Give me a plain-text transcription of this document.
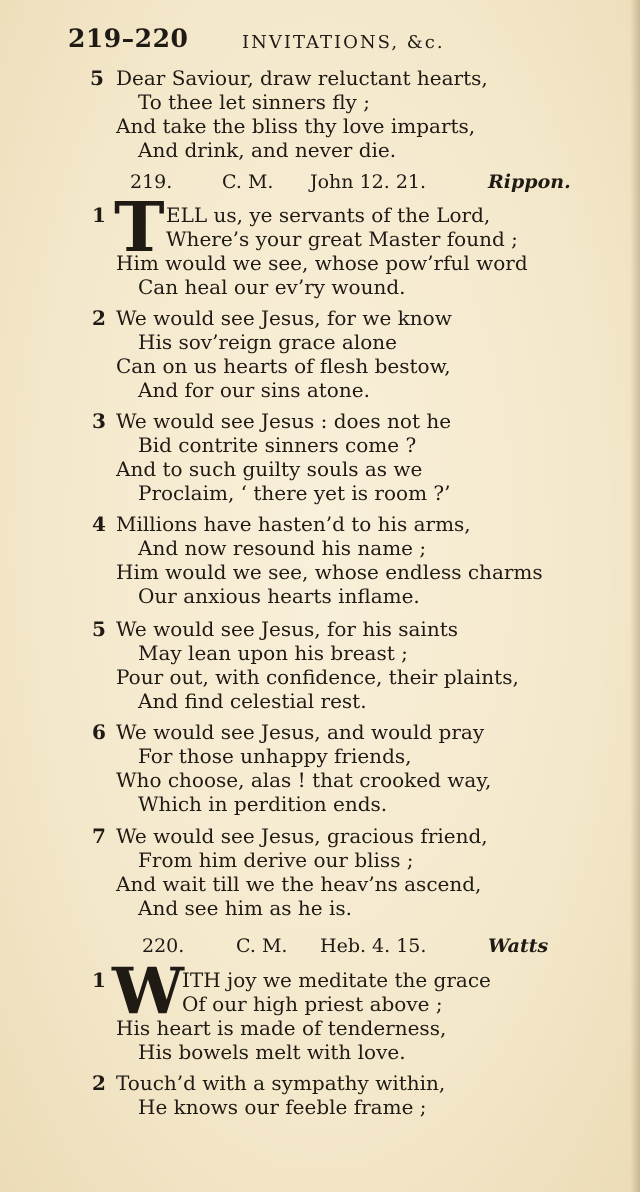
219–220	INVITATIONS, &c.
5 Dear Saviour, draw reluctant hearts,
To thee let sinners fly ;
And take the bliss thy love imparts,
And drink, and never die.
219.	C. M. John 12. 21.	Rippon.
1 T ELL us, ye servants of the Lord,
Where’s your great Master found ;
Him would we see, whose pow’rful word
Can heal our ev’ry wound.
2 We would see Jesus, for we know
His sov’reign grace alone
Can on us hearts of flesh bestow,
And for our sins atone.
3 We would see Jesus : does not he
Bid contrite sinners come ?
And to such guilty souls as we
Proclaim, ‘ there yet is room ?’
4 Millions have hasten’d to his arms,
And now resound his name ;
Him would we see, whose endless charms
Our anxious hearts inflame.
5 We would see Jesus, for his saints
May lean upon his breast ;
Pour out, with confidence, their plaints,
And find celestial rest.
6 We would see Jesus, and would pray
For those unhappy friends,
Who choose, alas ! that crooked way,
Which in perdition ends.
7 We would see Jesus, gracious friend,
From him derive our bliss ;
And wait till we the heav’ns ascend,
And see him as he is.
220.	C. M. Heb. 4. 15.	Watts
1 W
ITH joy we meditate the grace
Of our high priest above ;
His heart is made of tenderness,
His bowels melt with love.
2 Touch’d with a sympathy within,
He knows our feeble frame ;
